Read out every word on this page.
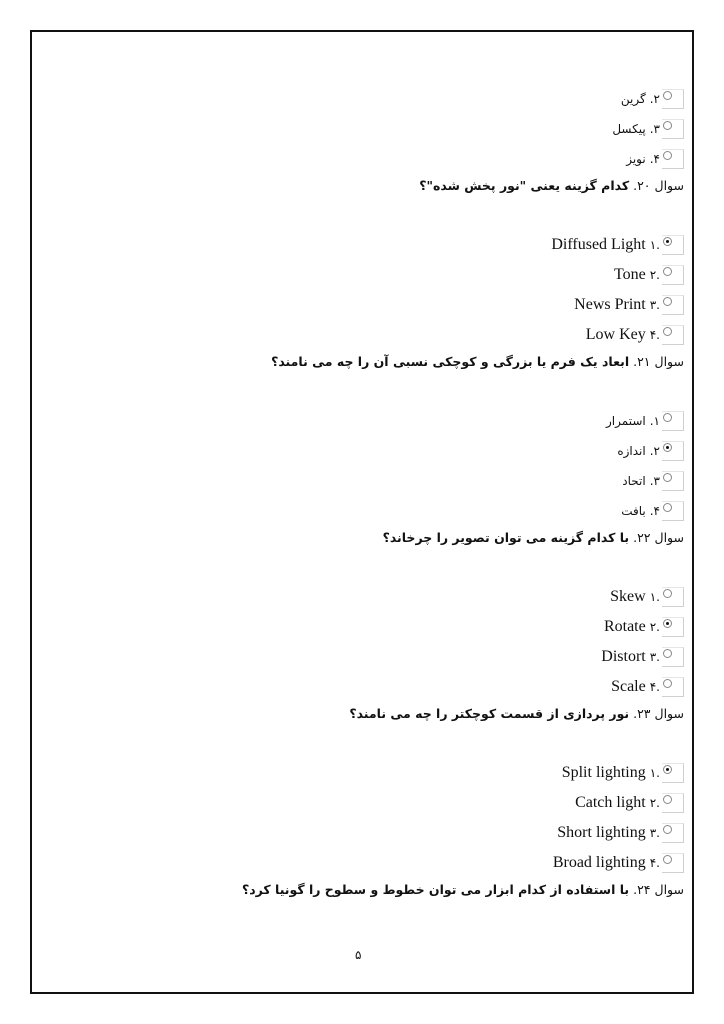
۲.
گرین
۳.
پیکسل
۴.
نویز
سوال ۲۰.
کدام گزینه یعنی "نور پخش شده"؟
.۱
Diffused Light
.۲
Tone
.۳
News Print
.۴
Low Key
سوال ۲۱.
ابعاد یک فرم یا بزرگی و کوچکی نسبی آن را چه می نامند؟
۱.
استمرار
۲.
اندازه
۳.
اتحاد
۴.
بافت
سوال ۲۲.
با کدام گزینه می توان تصویر را چرخاند؟
.۱
Skew
.۲
Rotate
.۳
Distort
.۴
Scale
سوال ۲۳.
نور پردازی از قسمت کوچکتر را چه می نامند؟
.۱
Split lighting
.۲
Catch light
.۳
Short lighting
.۴
Broad lighting
سوال ۲۴.
با استفاده از کدام ابزار می توان خطوط و سطوح را گونیا کرد؟
۵
